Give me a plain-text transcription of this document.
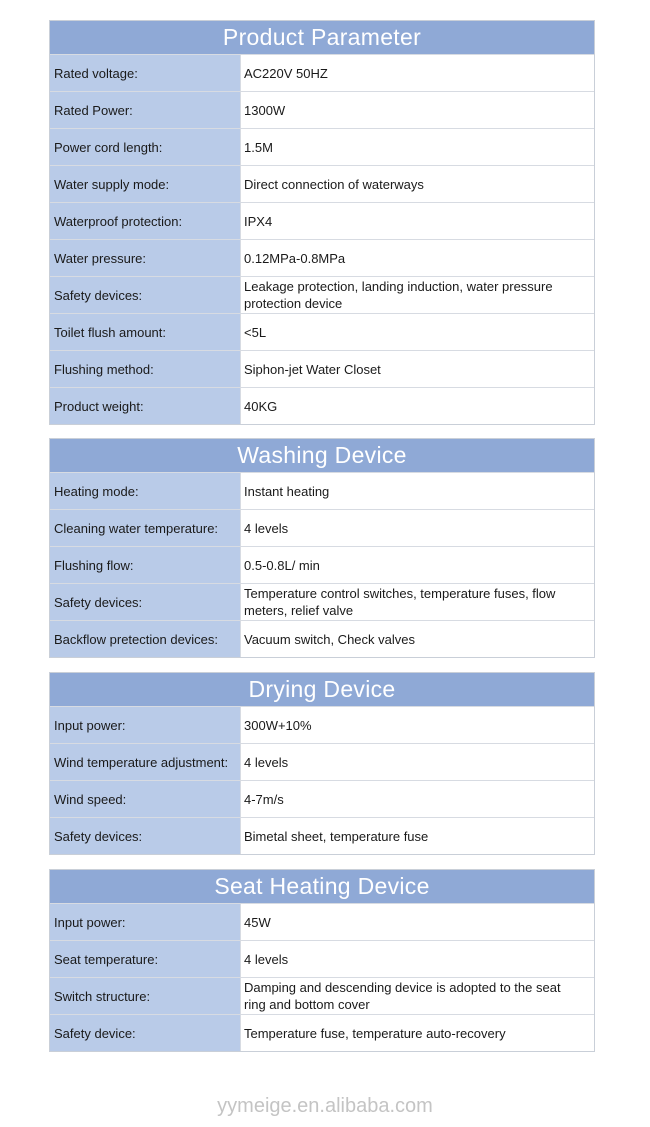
Product Parameter
Rated voltage:	AC220V 50HZ
Rated Power:	1300W
Power cord length:	1.5M
Water supply mode:	Direct connection of waterways
Waterproof protection:	IPX4
Water pressure:	0.12MPa-0.8MPa
Safety devices:
Leakage protection, landing induction, water pressure protection device
Toilet flush amount:	<5L
Flushing method:	Siphon-jet Water Closet
Product weight:	40KG
Washing Device
Heating mode:	Instant heating
Cleaning water temperature:	4 levels
Flushing flow:	0.5-0.8L/ min
Safety devices:
Temperature control switches, temperature fuses, flow meters, relief valve
Backflow pretection devices:	Vacuum switch, Check valves
Drying Device
Input power:	300W+10%
Wind temperature adjustment:	4 levels
Wind speed:	4-7m/s
Safety devices:	Bimetal sheet, temperature fuse
Seat Heating Device
Input power:	45W
Seat temperature:	4 levels
Switch structure:
Damping and descending device is adopted to the seat ring and bottom cover
Safety device:	Temperature fuse, temperature auto-recovery
yymeige.en.alibaba.com
